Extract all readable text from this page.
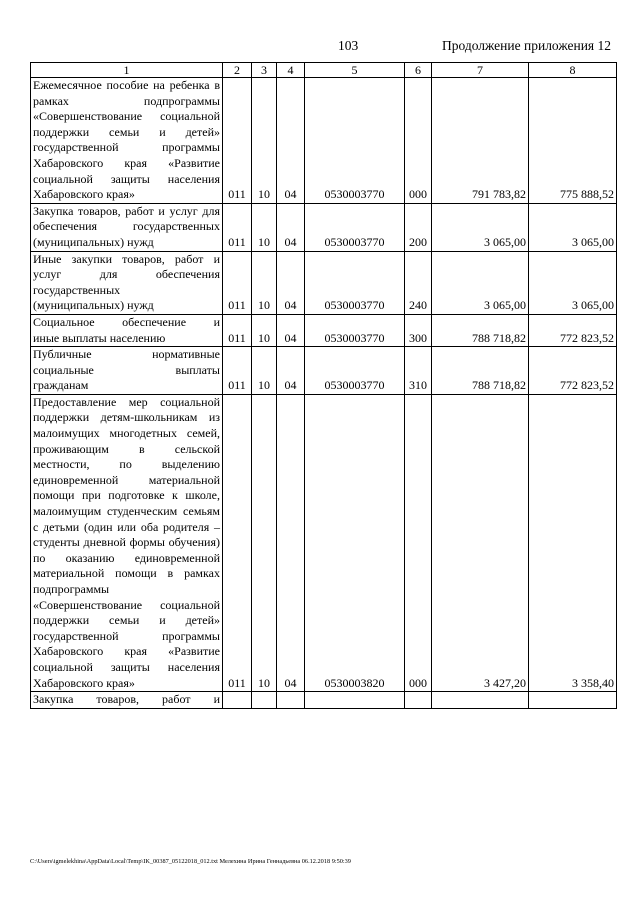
103	Продолжение приложения 12
1	2	3	4	5	6	7	8
Ежемесячное пособие на ребенка в рамках подпрограммы «Совершенствование социальной поддержки семьи и детей» государственной программы Хабаровского края «Развитие социальной защиты населения
Хабаровского края»	011	10	04	0530003770	000	791 783,82	775 888,52
Закупка товаров, работ и услуг для обеспечения государственных
(муниципальных) нужд	011	10	04	0530003770	200	3 065,00	3 065,00
Иные закупки товаров, работ и услуг для обеспечения государственных
(муниципальных) нужд	011	10	04	0530003770	240	3 065,00	3 065,00
Социальное обеспечение и
иные выплаты населению	011	10	04	0530003770	300	788 718,82	772 823,52
Публичные нормативные социальные выплаты
гражданам	011	10	04	0530003770	310	788 718,82	772 823,52
Предоставление мер социальной поддержки детям-школьникам из малоимущих многодетных семей, проживающим в сельской местности, по выделению единовременной материальной помощи при подготовке к школе, малоимущим студенческим семьям с детьми (один или оба родителя – студенты дневной формы обучения) по оказанию единовременной материальной помощи в рамках подпрограммы «Совершенствование социальной поддержки семьи и детей» государственной программы Хабаровского края «Развитие социальной защиты населения
Хабаровского края»	011	10	04	0530003820	000	3 427,20	3 358,40
Закупка товаров, работ и

C:\Users\igmelekhina\AppData\Local\Temp\IK_00387_05122018_012.txt Мелехина Ирина Геннадьевна 06.12.2018 9:50:39
